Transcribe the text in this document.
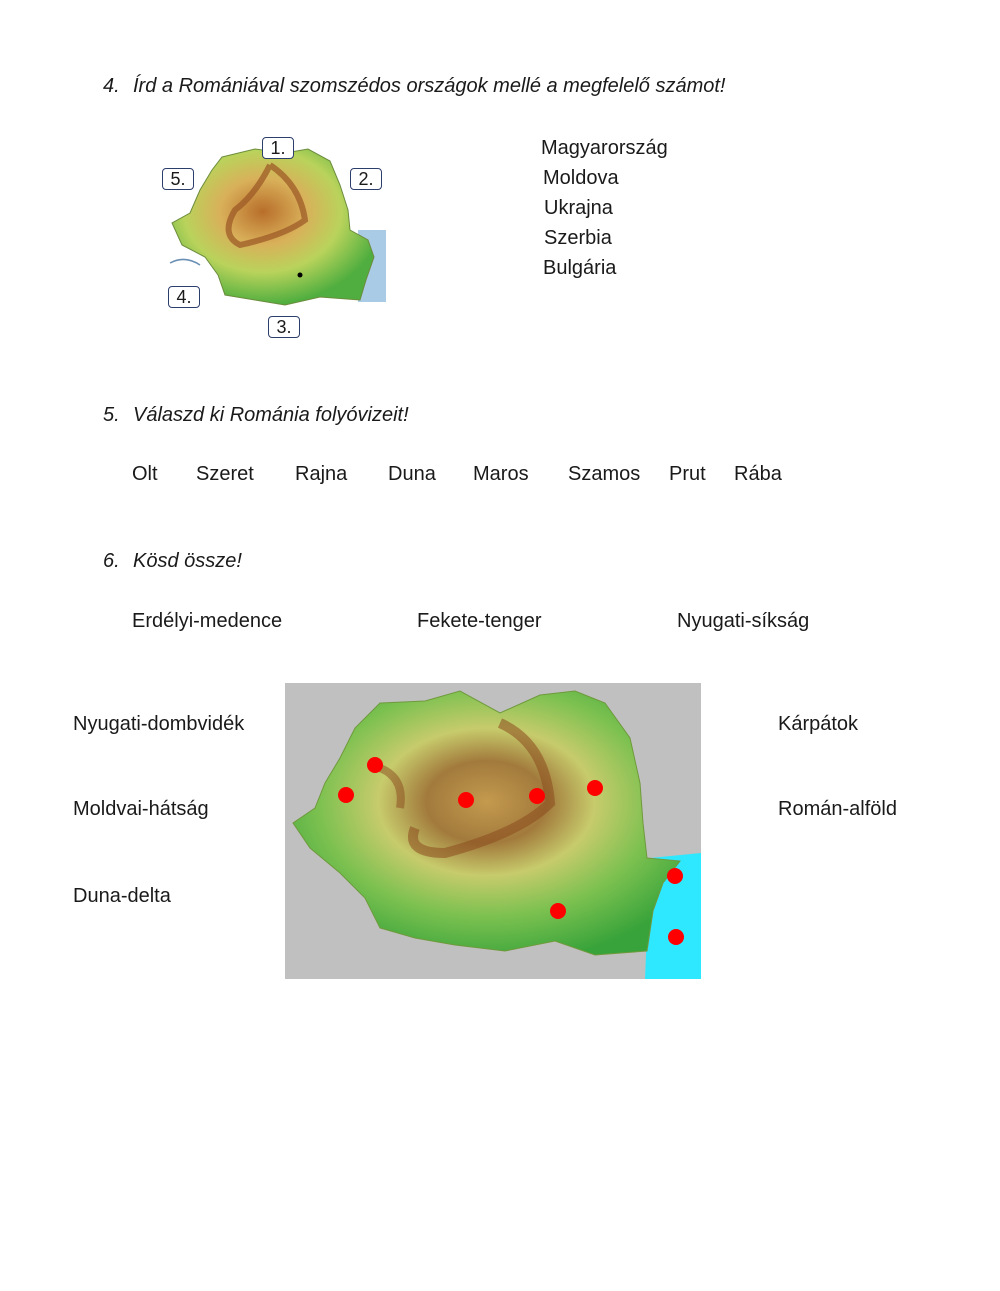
4. Írd a Romániával szomszédos országok mellé a megfelelő számot!
1.
2.
3.
4.
5.
Magyarország
Moldova
Ukrajna
Szerbia
Bulgária
5. Válaszd ki Románia folyóvizeit!
Olt Szeret Rajna Duna Maros Szamos Prut Rába
6. Kösd össze!
Erdélyi-medence	Fekete-tenger	Nyugati-síkság
Nyugati-dombvidék
Moldvai-hátság
Duna-delta
Kárpátok
Román-alföld
